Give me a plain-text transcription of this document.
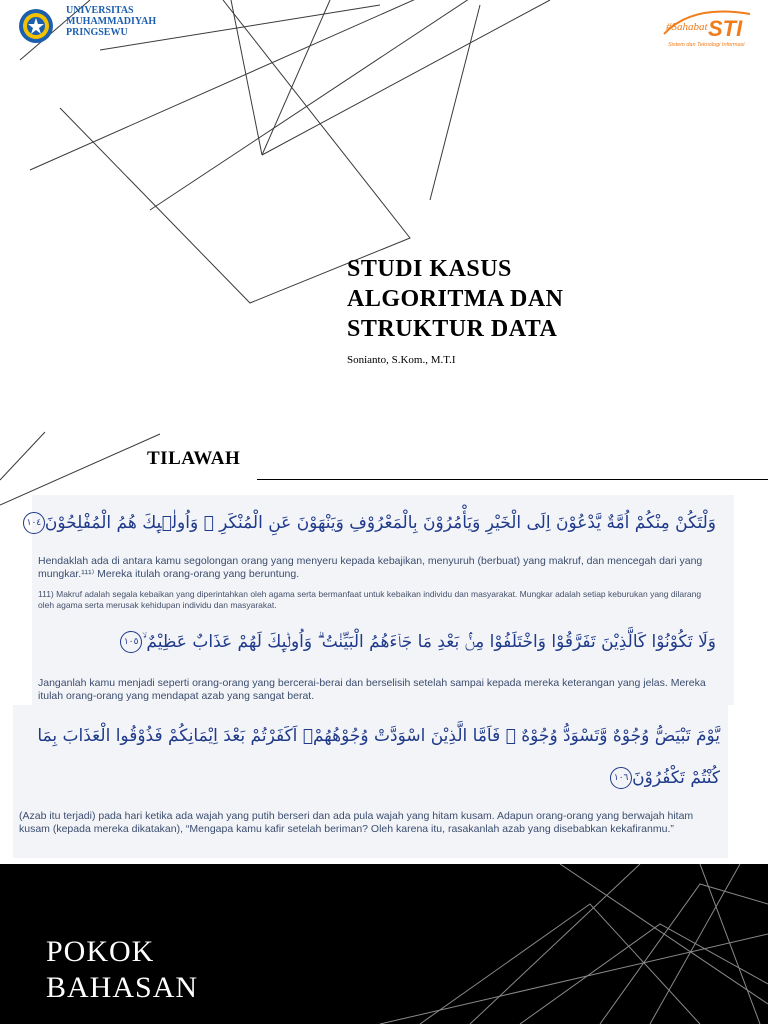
UNIVERSITAS
MUHAMMADIYAH
PRINGSEWU	#Sahabat STI
Sistem dan Teknologi Informasi
STUDI KASUS
ALGORITMA DAN
STRUKTUR DATA
Sonianto, S.Kom., M.T.I
TILAWAH
وَلْتَكُنْ مِنْكُمْ اُمَّةٌ يَّدْعُوْنَ اِلَى الْخَيْرِ وَيَأْمُرُوْنَ بِالْمَعْرُوْفِ وَيَنْهَوْنَ عَنِ الْمُنْكَرِ ۗ وَاُولٰۤىِٕكَ هُمُ الْمُفْلِحُوْنَ١٠٤
Hendaklah ada di antara kamu segolongan orang yang menyeru kepada kebajikan, menyuruh (berbuat) yang makruf, dan mencegah dari yang mungkar.¹¹¹⁾ Mereka itulah orang-orang yang beruntung.
111) Makruf adalah segala kebaikan yang diperintahkan oleh agama serta bermanfaat untuk kebaikan individu dan masyarakat. Mungkar adalah setiap keburukan yang dilarang oleh agama serta merusak kehidupan individu dan masyarakat.
وَلَا تَكُوْنُوْا كَالَّذِيْنَ تَفَرَّقُوْا وَاخْتَلَفُوْا مِنْۢ بَعْدِ مَا جَاۤءَهُمُ الْبَيِّنٰتُ ۗ وَاُولٰۤىِٕكَ لَهُمْ عَذَابٌ عَظِيْمٌ ۙ١٠٥
Janganlah kamu menjadi seperti orang-orang yang bercerai-berai dan berselisih setelah sampai kepada mereka keterangan yang jelas. Mereka itulah orang-orang yang mendapat azab yang sangat berat.
يَّوْمَ تَبْيَضُّ وُجُوْهٌ وَّتَسْوَدُّ وُجُوْهٌ ۚ فَاَمَّا الَّذِيْنَ اسْوَدَّتْ وُجُوْهُهُمْۗ اَكَفَرْتُمْ بَعْدَ اِيْمَانِكُمْ فَذُوْقُوا الْعَذَابَ بِمَا
كُنْتُمْ تَكْفُرُوْنَ١٠٦
(Azab itu terjadi) pada hari ketika ada wajah yang putih berseri dan ada pula wajah yang hitam kusam. Adapun orang-orang yang berwajah hitam kusam (kepada mereka dikatakan), “Mengapa kamu kafir setelah beriman? Oleh karena itu, rasakanlah azab yang disebabkan kekafiranmu.”
POKOK
BAHASAN
